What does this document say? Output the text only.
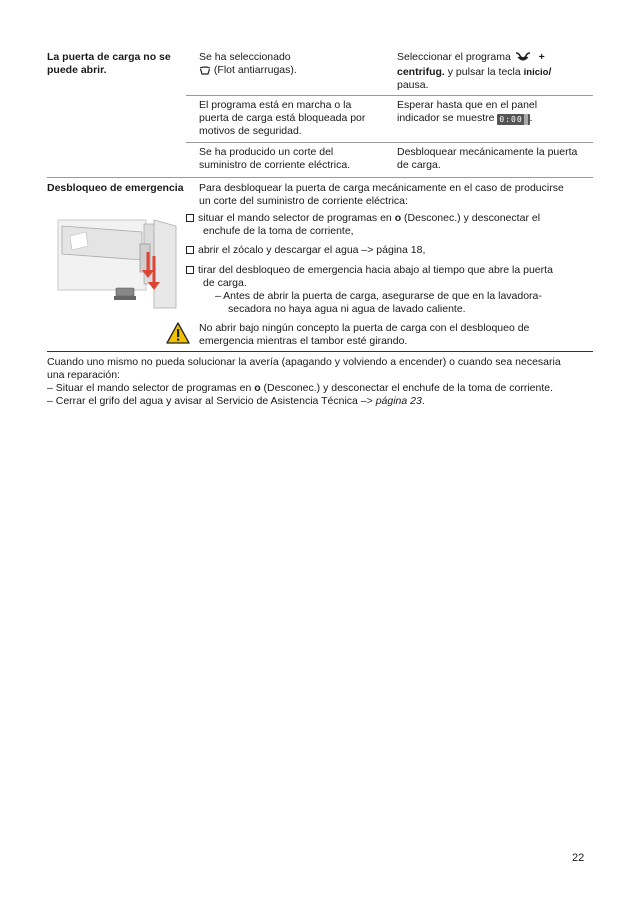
La puerta de carga no se
puede abrir.
Se ha seleccionado
(Flot antiarrugas).
Seleccionar el programa	+
centrifug. y pulsar la tecla inicio/
pausa.
El programa está en marcha o la
puerta de carga está bloqueada por
motivos de seguridad.
Esperar hasta que en el panel
indicador se muestre 0:00 .
Se ha producido un corte del
suministro de corriente eléctrica.
Desbloquear mecánicamente la puerta
de carga.
Desbloqueo de emergencia	Para desbloquear la puerta de carga mecánicamente en el caso de producirse
un corte del suministro de corriente eléctrica:
situar el mando selector de programas en o (Desconec.) y desconectar el
enchufe de la toma de corriente,
abrir el zócalo y descargar el agua –> página 18,
tirar del desbloqueo de emergencia hacia abajo al tiempo que abre la puerta
de carga.
– Antes de abrir la puerta de carga, asegurarse de que en la lavadora-
secadora no haya agua ni agua de lavado caliente.
No abrir bajo ningún concepto la puerta de carga con el desbloqueo de
emergencia mientras el tambor esté girando.
Cuando uno mismo no pueda solucionar la avería (apagando y volviendo a encender) o cuando sea necesaria
una reparación:
– Situar el mando selector de programas en o (Desconec.) y desconectar el enchufe de la toma de corriente.
– Cerrar el grifo del agua y avisar al Servicio de Asistencia Técnica –> página 23.
22
